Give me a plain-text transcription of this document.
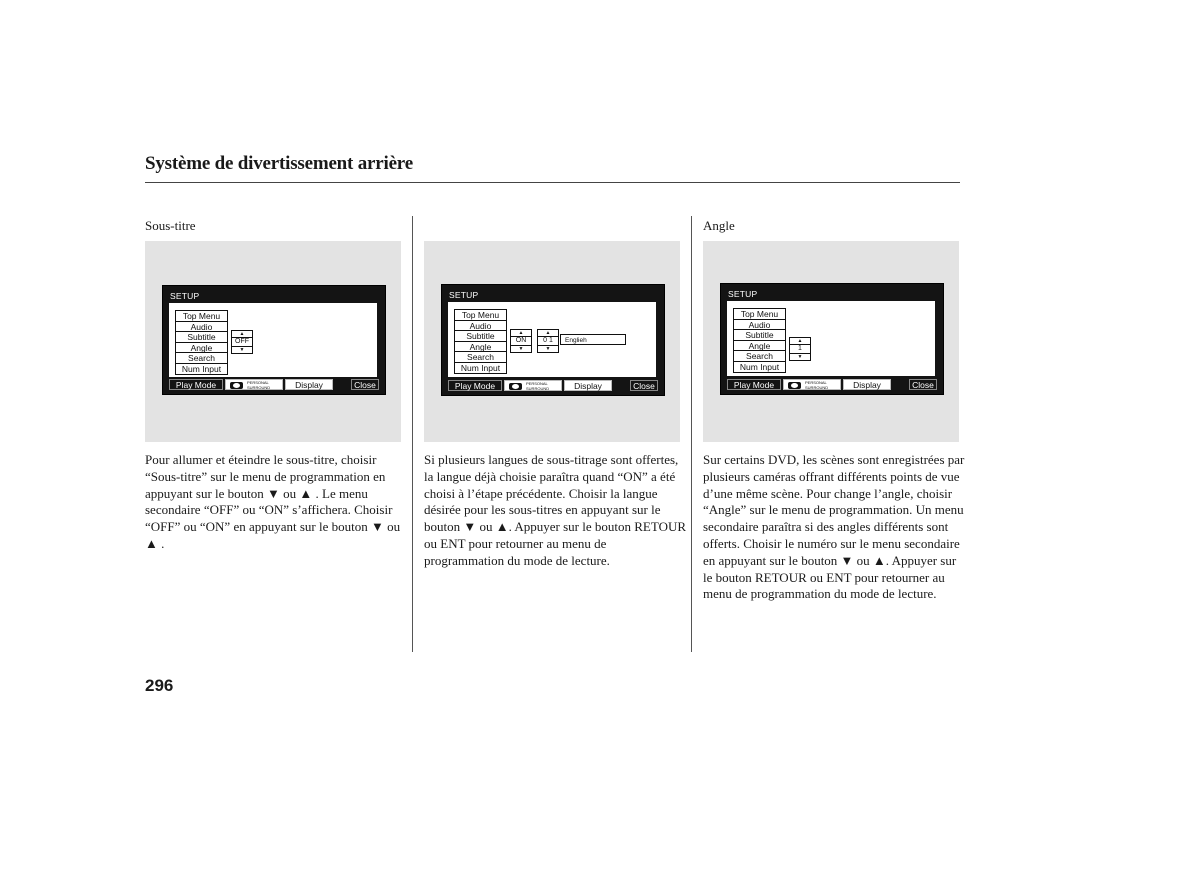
Système de divertissement arrière
Sous-titre
SETUP
Top Menu
Audio
Subtitle
Angle
Search
Num Input
▲
OFF
▼
Play Mode	PERSONAL SURROUND	Display	Close
Pour allumer et éteindre le sous-titre, choisir “Sous-titre” sur le menu de programmation en appuyant sur le bouton ▼ ou ▲ . Le menu secondaire “OFF” ou “ON” s’affichera. Choisir “OFF” ou “ON” en appuyant sur le bouton ▼ ou ▲ .
SETUP
Top Menu
Audio
Subtitle
Angle
Search
Num Input
▲
ON
▼
▲
0 1
▼
Englieh
Play Mode	PERSONAL SURROUND	Display	Close
Si plusieurs langues de sous-titrage sont offertes, la langue déjà choisie paraîtra quand “ON” a été choisi à l’étape précédente. Choisir la langue désirée pour les sous-titres en appuyant sur le bouton ▼ ou ▲. Appuyer sur le bouton RETOUR ou ENT pour retourner au menu de programmation du mode de lecture.
Angle
SETUP
Top Menu
Audio
Subtitle
Angle
Search
Num Input
▲
1
▼
Play Mode	PERSONAL SURROUND	Display	Close
Sur certains DVD, les scènes sont enregistrées par plusieurs caméras offrant différents points de vue d’une même scène. Pour change l’angle, choisir “Angle” sur le menu de programmation. Un menu secondaire paraîtra si des angles différents sont offerts. Choisir le numéro sur le menu secondaire en appuyant sur le bouton ▼ ou ▲. Appuyer sur le bouton RETOUR ou ENT pour retourner au menu de programmation du mode de lecture.
296
